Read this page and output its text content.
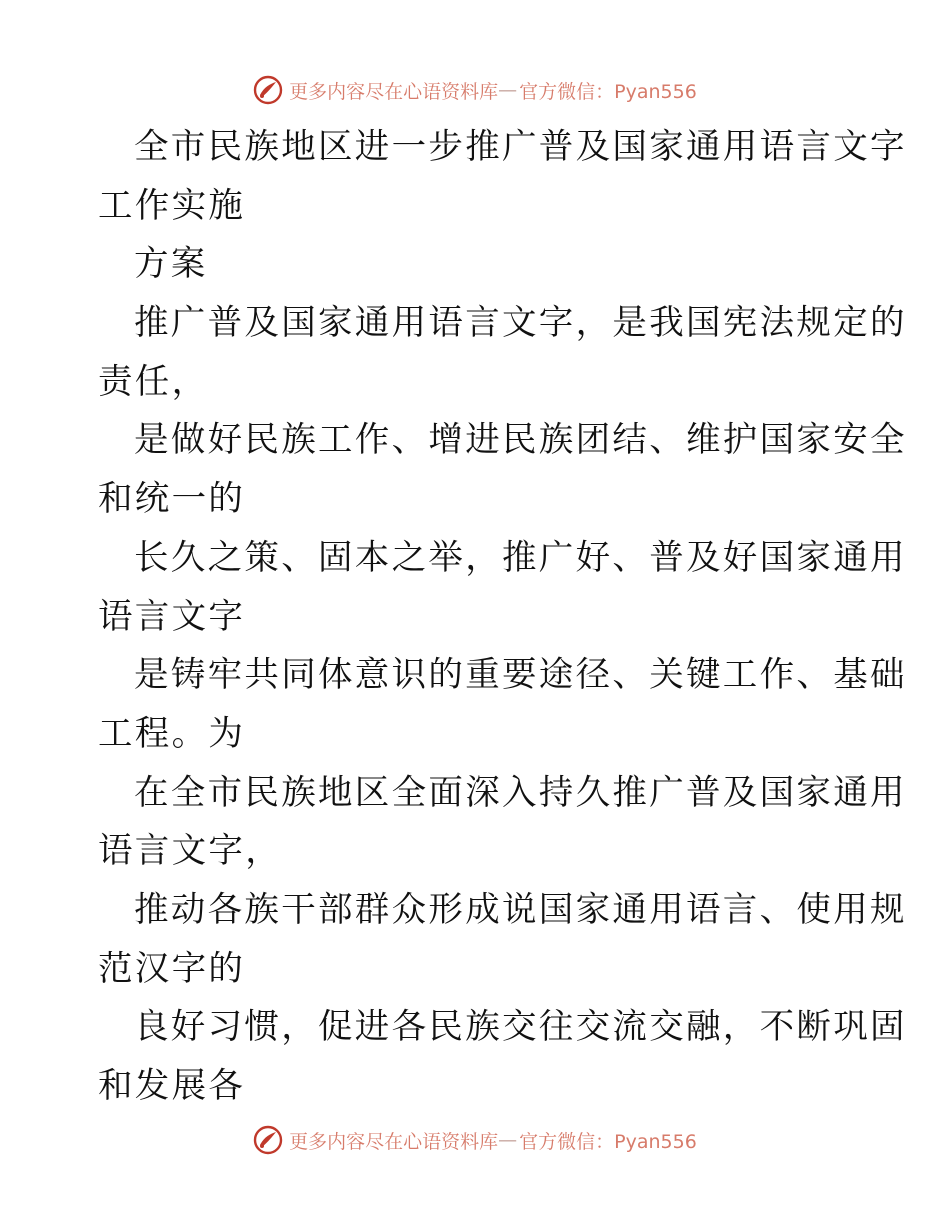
更多内容尽在心语资料库 — 官方微信：Pyan556
全市民族地区进一步推广普及国家通用语言文字
工作实施
方案
推广普及国家通用语言文字，是我国宪法规定的
责任，
是做好民族工作、增进民族团结、维护国家安全
和统一的
长久之策、固本之举，推广好、普及好国家通用
语言文字
是铸牢共同体意识的重要途径、关键工作、基础
工程。为
在全市民族地区全面深入持久推广普及国家通用
语言文字，
推动各族干部群众形成说国家通用语言、使用规
范汉字的
良好习惯，促进各民族交往交流交融，不断巩固
和发展各
更多内容尽在心语资料库 — 官方微信：Pyan556
